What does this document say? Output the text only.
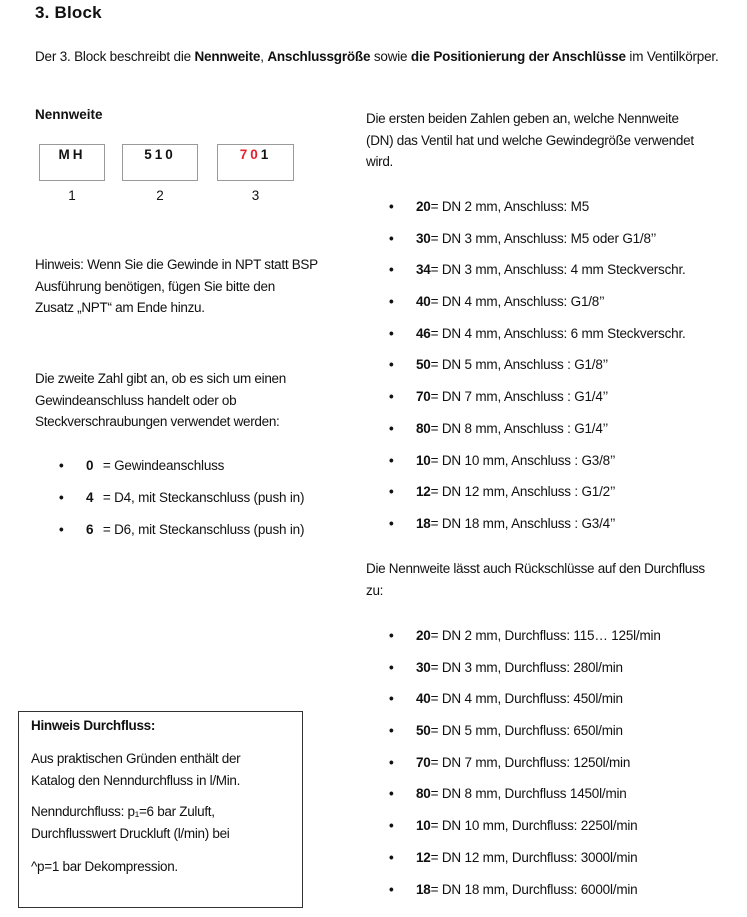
3. Block
Der 3. Block beschreibt die Nennweite, Anschlussgröße sowie die Positionierung der Anschlüsse im Ventilkörper.
Nennweite
MH	510	70 1
1	2	3
Hinweis: Wenn Sie die Gewinde in NPT statt BSP
Ausführung benötigen, fügen Sie bitte den
Zusatz „NPT“ am Ende hinzu.
Die zweite Zahl gibt an, ob es sich um einen
Gewindeanschluss handelt oder ob
Steckverschraubungen verwendet werden:
• 0 = Gewindeanschluss
• 4 = D4, mit Steckanschluss (push in)
• 6 = D6, mit Steckanschluss (push in)
Hinweis Durchfluss:
Aus praktischen Gründen enthält der
Katalog den Nenndurchfluss in l/Min.
Nenndurchfluss: p₁=6 bar Zuluft,
Durchflusswert Druckluft (l/min) bei
^p=1 bar Dekompression.
Die ersten beiden Zahlen geben an, welche Nennweite
(DN) das Ventil hat und welche Gewindegröße verwendet
wird.
• 20= DN 2 mm, Anschluss: M5
• 30= DN 3 mm, Anschluss: M5 oder G1/8’’
• 34= DN 3 mm, Anschluss: 4 mm Steckverschr.
• 40= DN 4 mm, Anschluss: G1/8’’
• 46= DN 4 mm, Anschluss: 6 mm Steckverschr.
• 50= DN 5 mm, Anschluss : G1/8’’
• 70= DN 7 mm, Anschluss : G1/4’’
• 80= DN 8 mm, Anschluss : G1/4’’
• 10= DN 10 mm, Anschluss : G3/8’’
• 12= DN 12 mm, Anschluss : G1/2’’
• 18= DN 18 mm, Anschluss : G3/4’’
Die Nennweite lässt auch Rückschlüsse auf den Durchfluss
zu:
• 20= DN 2 mm, Durchfluss: 115… 125l/min
• 30= DN 3 mm, Durchfluss: 280l/min
• 40= DN 4 mm, Durchfluss: 450l/min
• 50= DN 5 mm, Durchfluss: 650l/min
• 70= DN 7 mm, Durchfluss: 1250l/min
• 80= DN 8 mm, Durchfluss 1450l/min
• 10= DN 10 mm, Durchfluss: 2250l/min
• 12= DN 12 mm, Durchfluss: 3000l/min
• 18= DN 18 mm, Durchfluss: 6000l/min
